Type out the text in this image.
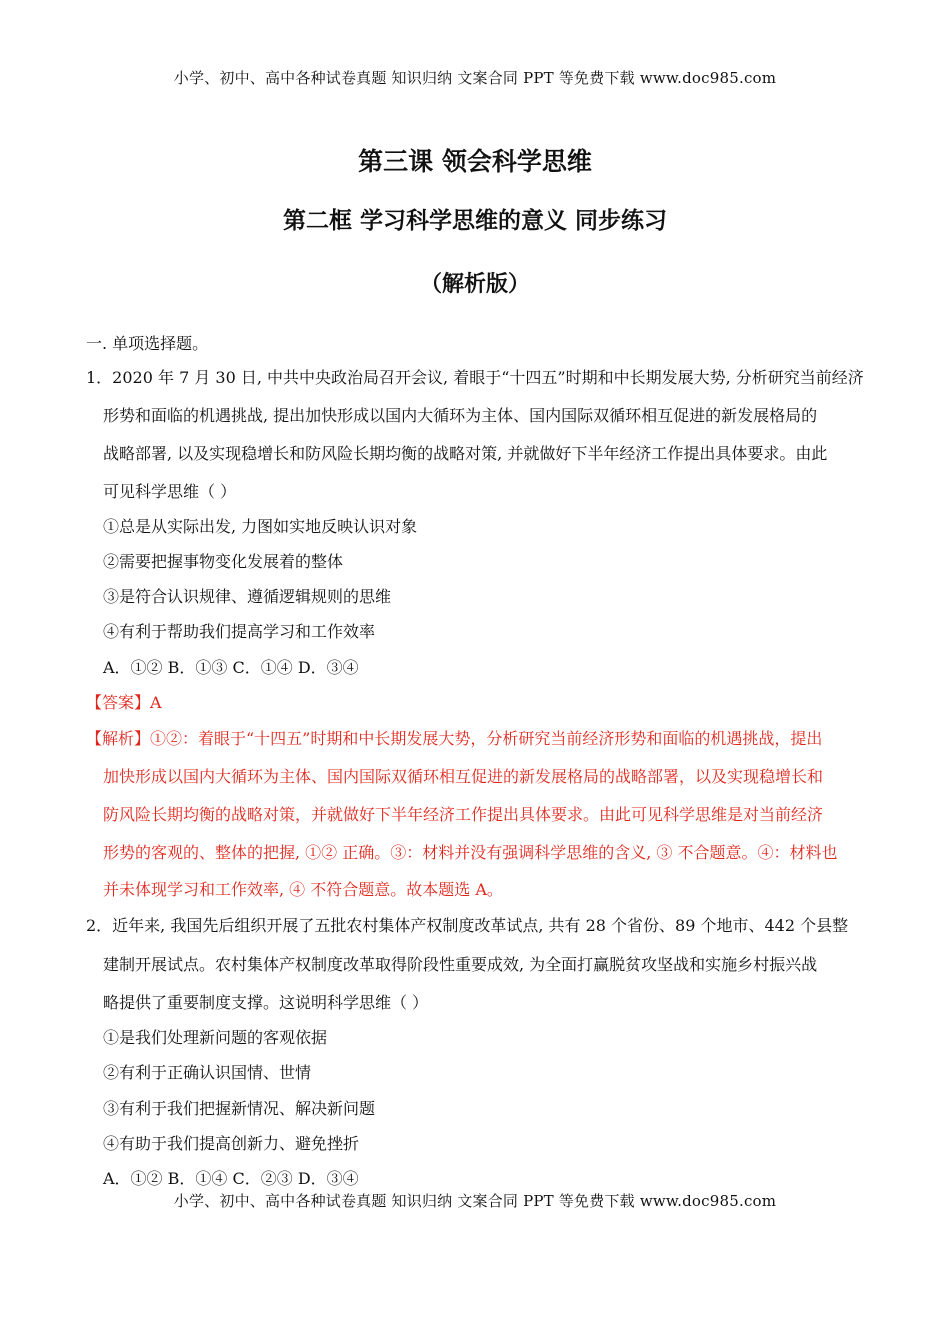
小学、初中、高中各种试卷真题 知识归纳 文案合同 PPT 等免费下载 www.doc985.com
第三课 领会科学思维
第二框 学习科学思维的意义 同步练习
（解析版）
一. 单项选择题。
1．2020 年 7 月 30 日, 中共中央政治局召开会议, 着眼于“十四五”时期和中长期发展大势, 分析研究当前经济
形势和面临的机遇挑战, 提出加快形成以国内大循环为主体、国内国际双循环相互促进的新发展格局的
战略部署, 以及实现稳增长和防风险长期均衡的战略对策, 并就做好下半年经济工作提出具体要求。由此
可见科学思维（ ）
①总是从实际出发, 力图如实地反映认识对象
②需要把握事物变化发展着的整体
③是符合认识规律、遵循逻辑规则的思维
④有利于帮助我们提高学习和工作效率
A．①② B．①③ C．①④ D．③④
【答案】A
【解析】①②：着眼于“十四五”时期和中长期发展大势，分析研究当前经济形势和面临的机遇挑战，提出
加快形成以国内大循环为主体、国内国际双循环相互促进的新发展格局的战略部署，以及实现稳增长和
防风险长期均衡的战略对策，并就做好下半年经济工作提出具体要求。由此可见科学思维是对当前经济
形势的客观的、整体的把握, ①② 正确。③：材料并没有强调科学思维的含义, ③ 不合题意。④：材料也
并未体现学习和工作效率, ④ 不符合题意。故本题选 A。
2．近年来, 我国先后组织开展了五批农村集体产权制度改革试点, 共有 28 个省份、89 个地市、442 个县整
建制开展试点。农村集体产权制度改革取得阶段性重要成效, 为全面打赢脱贫攻坚战和实施乡村振兴战
略提供了重要制度支撑。这说明科学思维（ ）
①是我们处理新问题的客观依据
②有利于正确认识国情、世情
③有利于我们把握新情况、解决新问题
④有助于我们提高创新力、避免挫折
A．①② B．①④ C．②③ D．③④
小学、初中、高中各种试卷真题 知识归纳 文案合同 PPT 等免费下载 www.doc985.com
